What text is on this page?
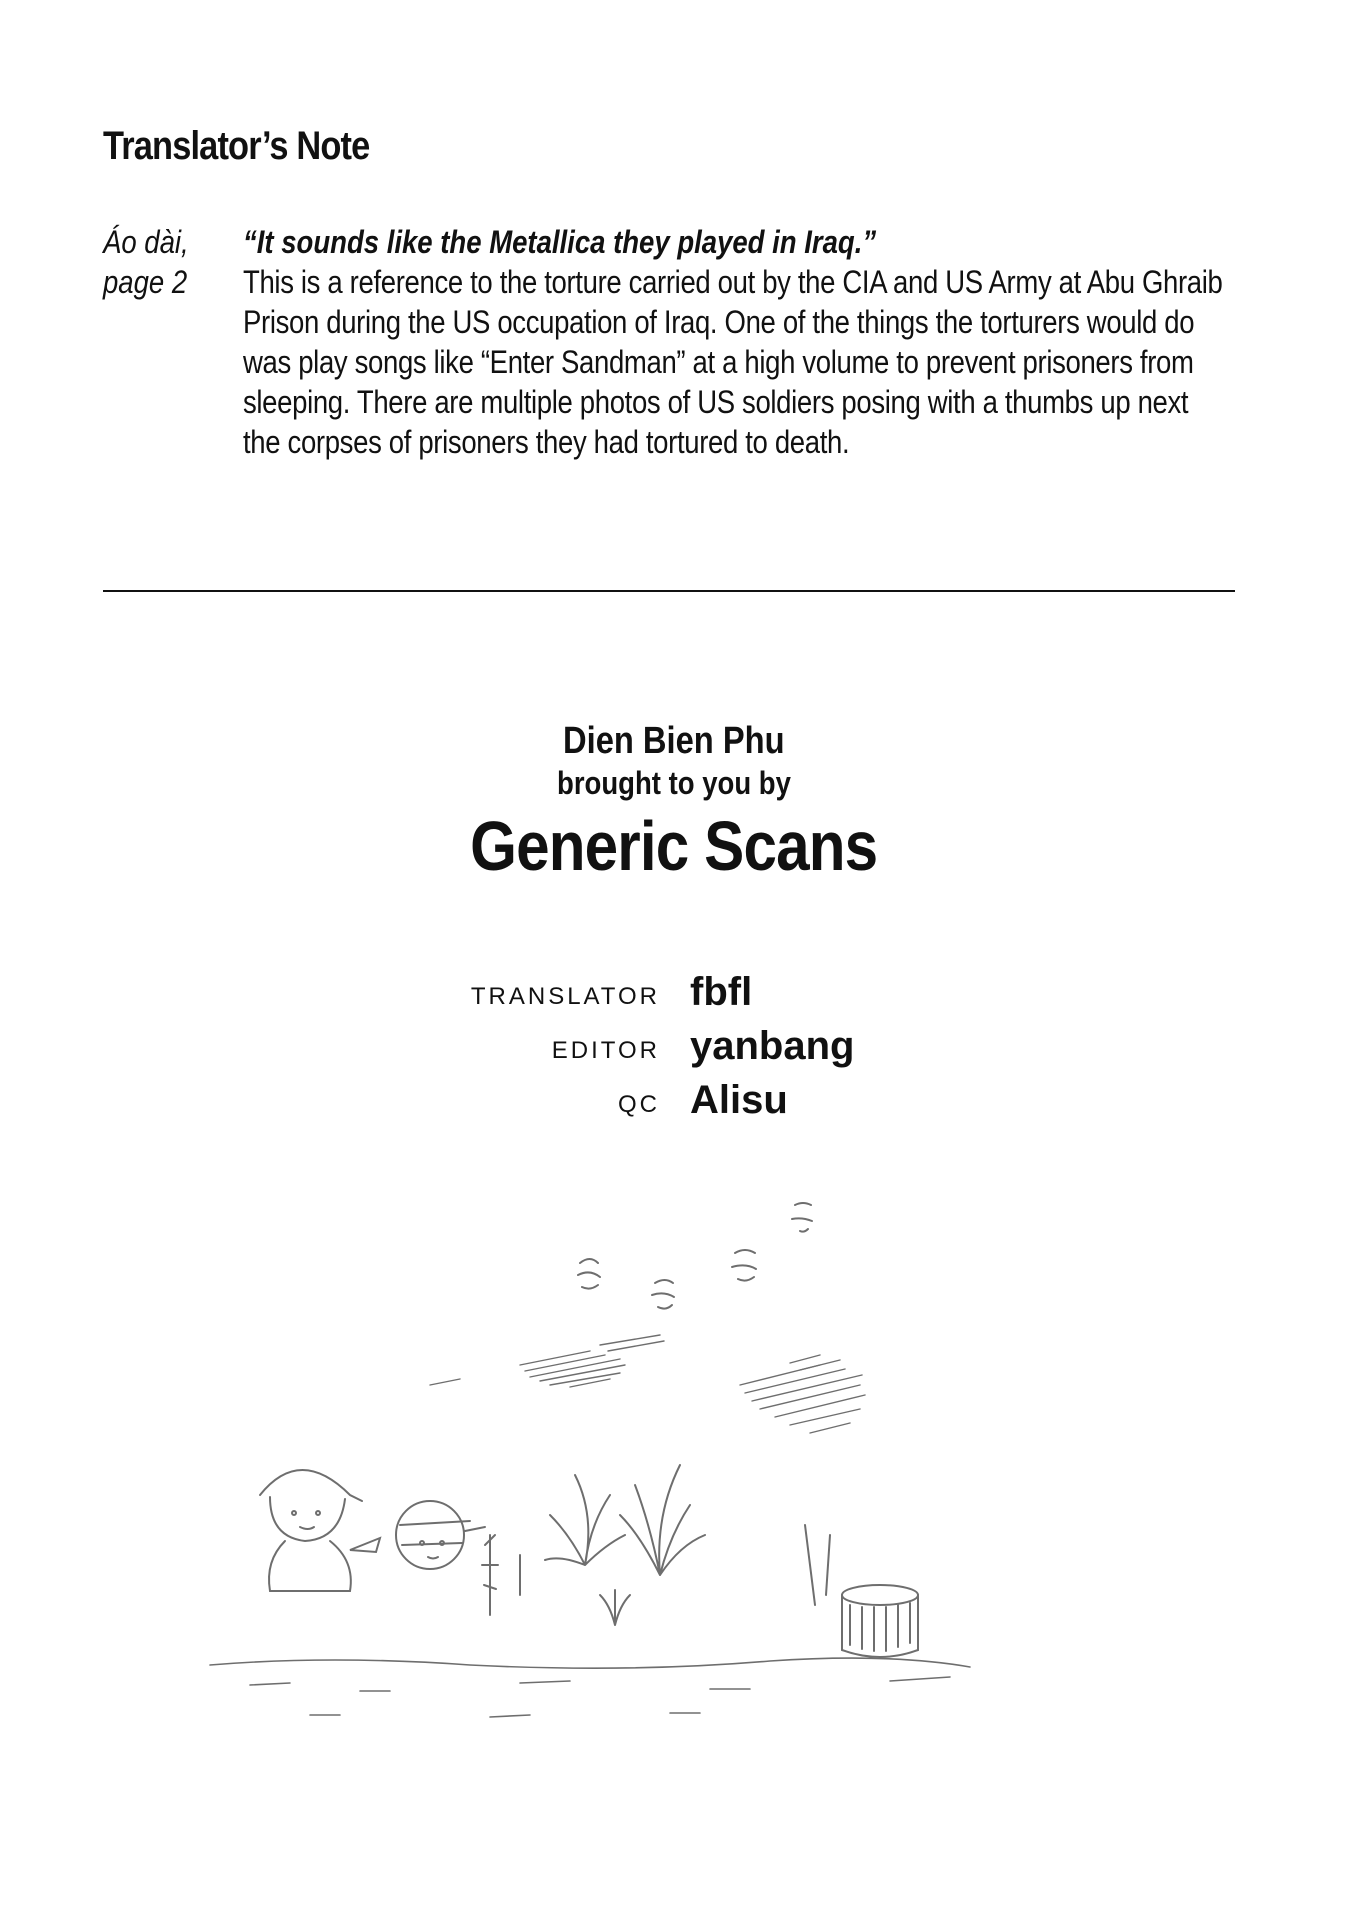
Translator’s Note
Áo dài,
page 2
“It sounds like the Metallica they played in Iraq.”
This is a reference to the torture carried out by the CIA and US Army at Abu Ghraib
Prison during the US occupation of Iraq. One of the things the torturers would do
was play songs like “Enter Sandman” at a high volume to prevent prisoners from
sleeping. There are multiple photos of US soldiers posing with a thumbs up next
the corpses of prisoners they had tortured to death.
Dien Bien Phu
brought to you by
Generic Scans
TRANSLATOR fbfl
EDITOR yanbang
QC Alisu
